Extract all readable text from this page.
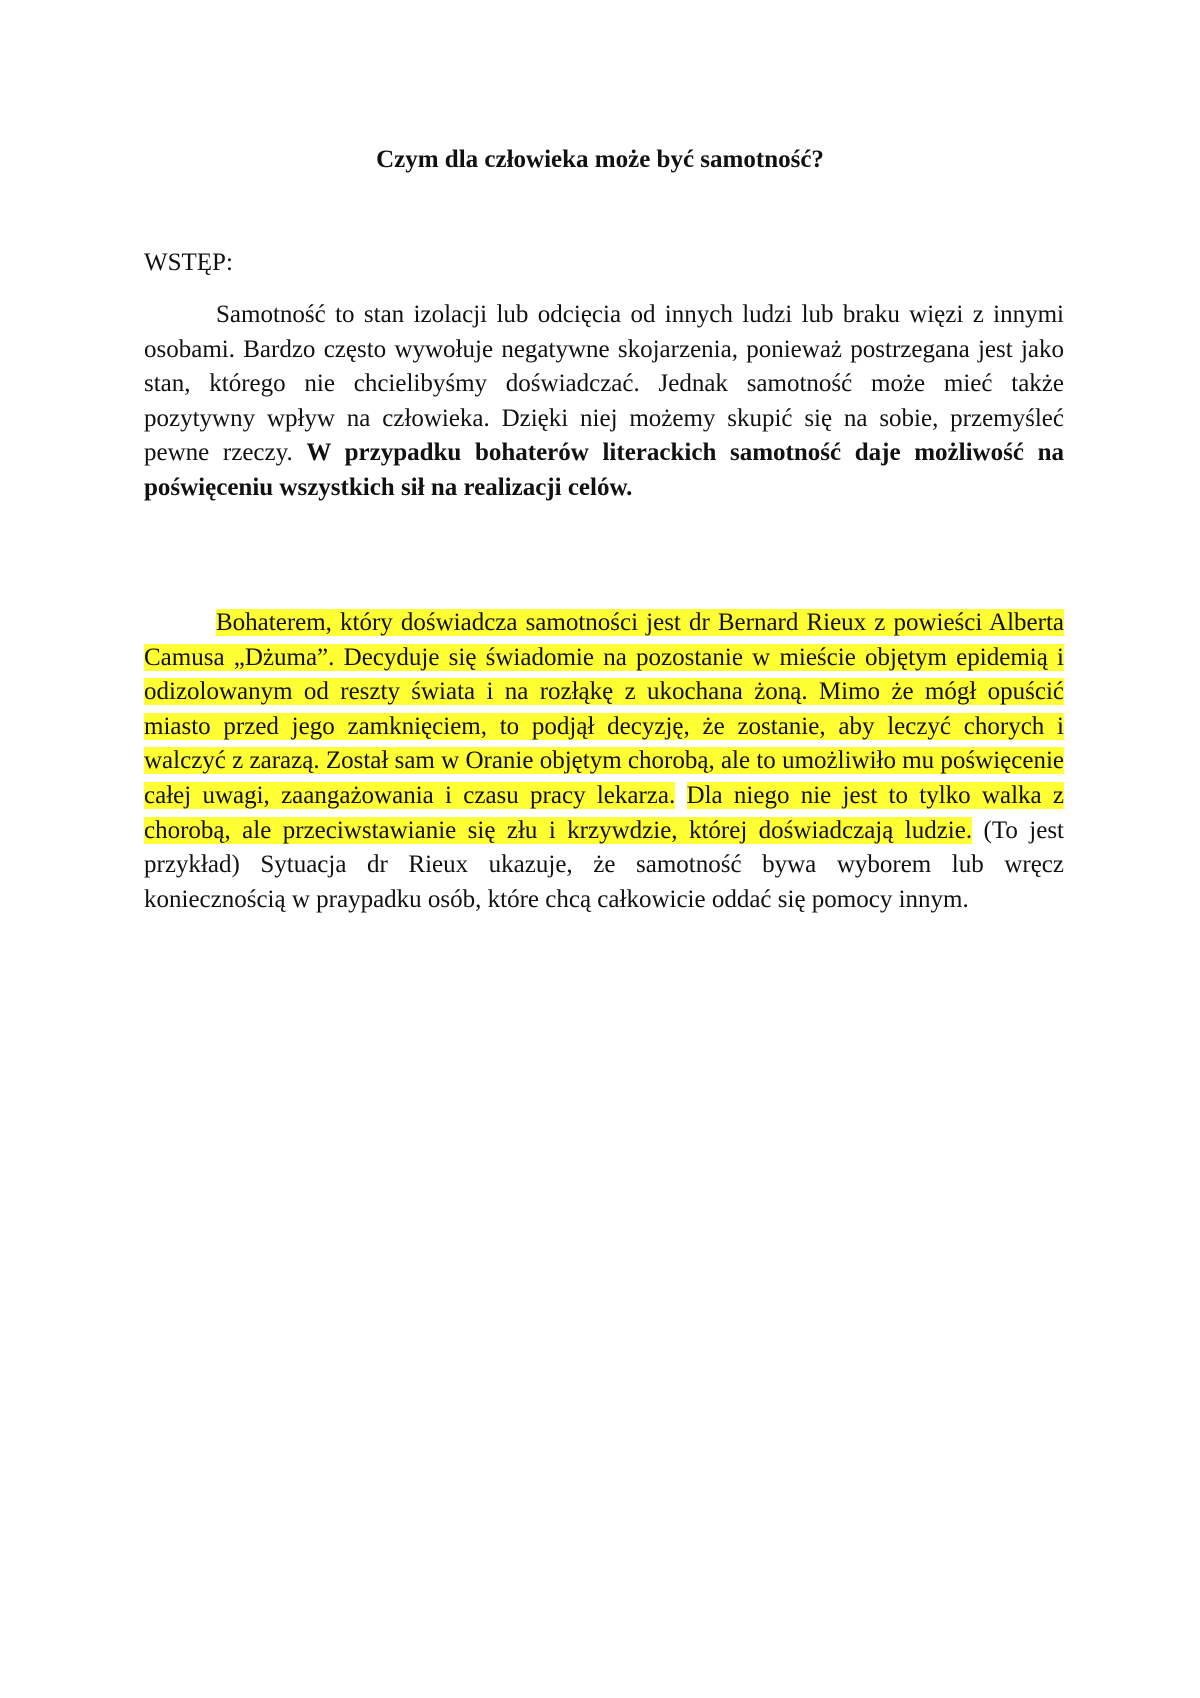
Czym dla człowieka może być samotność?

WSTĘP:

Samotność to stan izolacji lub odcięcia od innych ludzi lub braku więzi z innymi osobami. Bardzo często wywołuje negatywne skojarzenia, ponieważ postrzegana jest jako stan, którego nie chcielibyśmy doświadczać. Jednak samotność może mieć także pozytywny wpływ na człowieka. Dzięki niej możemy skupić się na sobie, przemyśleć pewne rzeczy. W przypadku bohaterów literackich samotność daje możliwość na poświęceniu wszystkich sił na realizacji celów.

Bohaterem, który doświadcza samotności jest dr Bernard Rieux z powieści Alberta Camusa „Dżuma”. Decyduje się świadomie na pozostanie w mieście objętym epidemią i odizolowanym od reszty świata i na rozłąkę z ukochana żoną. Mimo że mógł opuścić miasto przed jego zamknięciem, to podjął decyzję, że zostanie, aby leczyć chorych i walczyć z zarazą. Został sam w Oranie objętym chorobą, ale to umożliwiło mu poświęcenie całej uwagi, zaangażowania i czasu pracy lekarza. Dla niego nie jest to tylko walka z chorobą, ale przeciwstawianie się złu i krzywdzie, której doświadczają ludzie. (To jest przykład) Sytuacja dr Rieux ukazuje, że samotność bywa wyborem lub wręcz koniecznością w praypadku osób, które chcą całkowicie oddać się pomocy innym.
